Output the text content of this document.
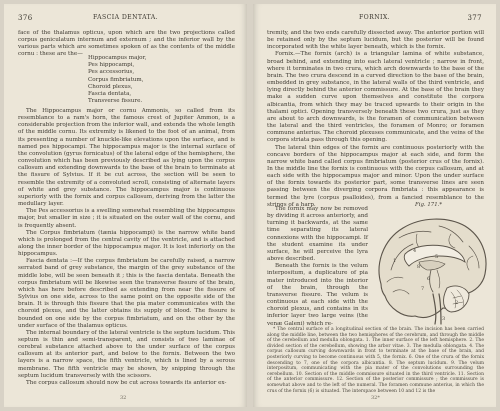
376	FASCIA DENTATA.

face of the thalamus opticus, upon which are the two projections called corpus geniculatum internum and externum ; and the inferior wall by the various parts which are sometimes spoken of as the contents of the middle cornu : these are the—

Hippocampus major,
Pes hippocampi,
Pes accessorius,
Corpus fimbriatum,
Choroid plexus,
Fascia dentata,
Transverse fissure.

The Hippocampus major or cornu Ammonis, so called from its resemblance to a ram's horn, the famous crest of Jupiter Ammon, is a considerable projection from the inferior wall, and extends the whole length of the middle cornu. Its extremity is likened to the foot of an animal, from its presenting a number of knuckle-like elevations upon the surface, and is named pes hippocampi. The hippocampus major is the internal surface of the convolution (gyrus fornicatus) of the lateral edge of the hemisphere, the convolution which has been previously described as lying upon the corpus callosum and extending downwards to the base of the brain to terminate at the fissure of Sylvius. If it be cut across, the section will be seen to resemble the extremity of a convoluted scroll, consisting of alternate layers of white and grey substance. The hippocampus major is continuous superiorly with the fornix and corpus callosum, deriving from the latter the medullary layer.

The Pes accessorius is a swelling somewhat resembling the hippocampus major, but smaller in size ; it is situated on the outer wall of the cornu, and is frequently absent.

The Corpus fimbriatum (tænia hippocampi) is the narrow white band which is prolonged from the central cavity of the ventricle, and is attached along the inner border of the hippocampus major. It is lost inferiorly on the hippocampus.

Fascia dentata :—If the corpus fimbriatum be carefully raised, a narrow serrated band of grey substance, the margin of the grey substance of the middle lobe, will be seen beneath it ; this is the fascia dentata. Beneath the corpus fimbriatum will be likewise seen the transverse fissure of the brain, which has here before described as extending from near the fissure of Sylvius on one side, across to the same point on the opposite side of the brain. It is through this fissure that the pia mater communicates with the choroid plexus, and the latter obtains its supply of blood. The fissure is bounded on one side by the corpus fimbriatum, and on the other by the under surface of the thalamus opticus.

The internal boundary of the lateral ventricle is the septum lucidum. This septum is thin and semi-transparent, and consists of two laminae of cerebral substance attached above to the under surface of the corpus callosum at its anterior part, and below to the fornix. Between the two layers is a narrow space, the fifth ventricle, which is lined by a serous membrane. The fifth ventricle may be shown, by snipping through the septum lucidum transversely with the scissors.

The corpus callosum should now be cut across towards its anterior ex-

32
FORNIX.	377

tremity, and the two ends carefully dissected away. The anterior portion will be retained only by the septum lucidum, but the posterior will be found incorporated with the white layer beneath, which is the fornix.

Fornix.—The fornix (arch) is a triangular lamina of white substance, broad behind, and extending into each lateral ventricle ; narrow in front, where it terminates in two crura, which arch downwards to the base of the brain. The two crura descend in a curved direction to the base of the brain, embedded in grey substance, in the lateral walls of the third ventricle, and lying directly behind the anterior commissure. At the base of the brain they make a sudden curve upon themselves and constitute the corpora albicantia, from which they may be traced upwards to their origin in the thalami optici. Opening transversely beneath these two crura, just as they are about to arch downwards, is the foramen of communication between the lateral and the third ventricles, the foramen of Monro; or foramen commune anterius. The choroid plexuses communicate, and the veins of the corpora striata pass through this opening.

The lateral thin edges of the fornix are continuous posteriorly with the concave borders of the hippocampus major at each side, and form the narrow white band called corpus fimbriatum (posterior crus of the fornix). In the middle line the fornix is continuous with the corpus callosum, and at each side with the hippocampus major and minor. Upon the under surface of the fornix towards its posterior part, some transverse lines are seen passing between the diverging corpora fimbriata : this appearance is termed the lyre (corpus psalloides), from a fancied resemblance to the strings of a harp.

The fornix may now be removed by dividing it across anteriorly, and turning it backwards, at the same time separating its lateral connexions with the hippocampi. If the student examine its under surface, he will perceive the lyra above described.

Beneath the fornix is the velum interpositum, a duplicature of pia mater introduced into the interior of the brain, through the transverse fissure. The velum is continuous at each side with the choroid plexus, and contains in its inferior layer two large veins (the venæ Galeni) which re-

Fig. 171.*
1
2
3
4
5
6
7
8

* The central surface of a longitudinal section of the brain. The incision has been carried along the middle line, between the two hemispheres of the cerebrum, and through the middle of the cerebellum and medulla oblongata. 1. The inner surface of the left hemisphere. 2. The divided section of the cerebellum, showing the arbor vitae. 3. The medulla oblongata. 4. The corpus callosum curving downwards in front to terminate at the base of the brain, and posteriorly curving to become continuous with 5, the fornix. 6. One of the crura of the fornix descending to 7, one of the corpora albicantia. 8. The septum lucidum. 9. The velum interpositum, communicating with the pia mater of the convolutions surrounding the cerebellum. 10. Section of the middle commissure situated in the third ventricle. 11. Section of the anterior commissure. 12. Section of the posterior commissure ; the commissure is somewhat above and to the left of the numeral. The foramen commune anterius, in which the crus of the fornix (6) is situated. The interspace between 10 and 12 is the

32*
